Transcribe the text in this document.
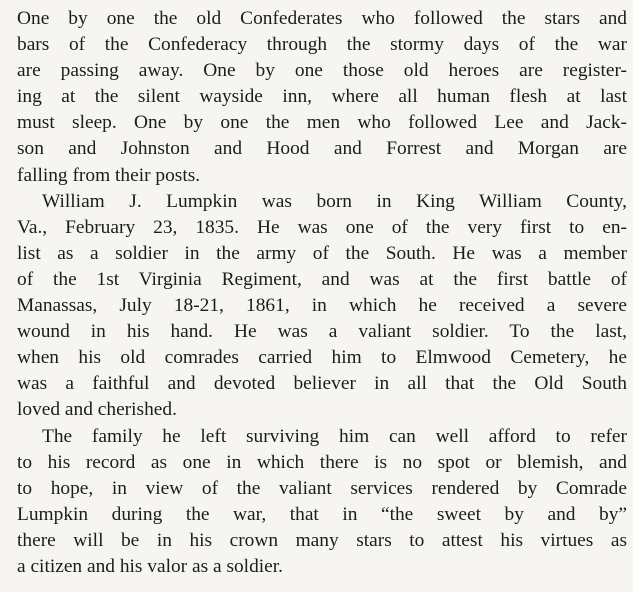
One by one the old Confederates who followed the stars and
bars of the Confederacy through the stormy days of the war
are passing away. One by one those old heroes are register-
ing at the silent wayside inn, where all human flesh at last
must sleep. One by one the men who followed Lee and Jack-
son and Johnston and Hood and Forrest and Morgan are
falling from their posts.
William J. Lumpkin was born in King William County,
Va., February 23, 1835. He was one of the very first to en-
list as a soldier in the army of the South. He was a member
of the 1st Virginia Regiment, and was at the first battle of
Manassas, July 18-21, 1861, in which he received a severe
wound in his hand. He was a valiant soldier. To the last,
when his old comrades carried him to Elmwood Cemetery, he
was a faithful and devoted believer in all that the Old South
loved and cherished.
The family he left surviving him can well afford to refer
to his record as one in which there is no spot or blemish, and
to hope, in view of the valiant services rendered by Comrade
Lumpkin during the war, that in “the sweet by and by”
there will be in his crown many stars to attest his virtues as
a citizen and his valor as a soldier.
